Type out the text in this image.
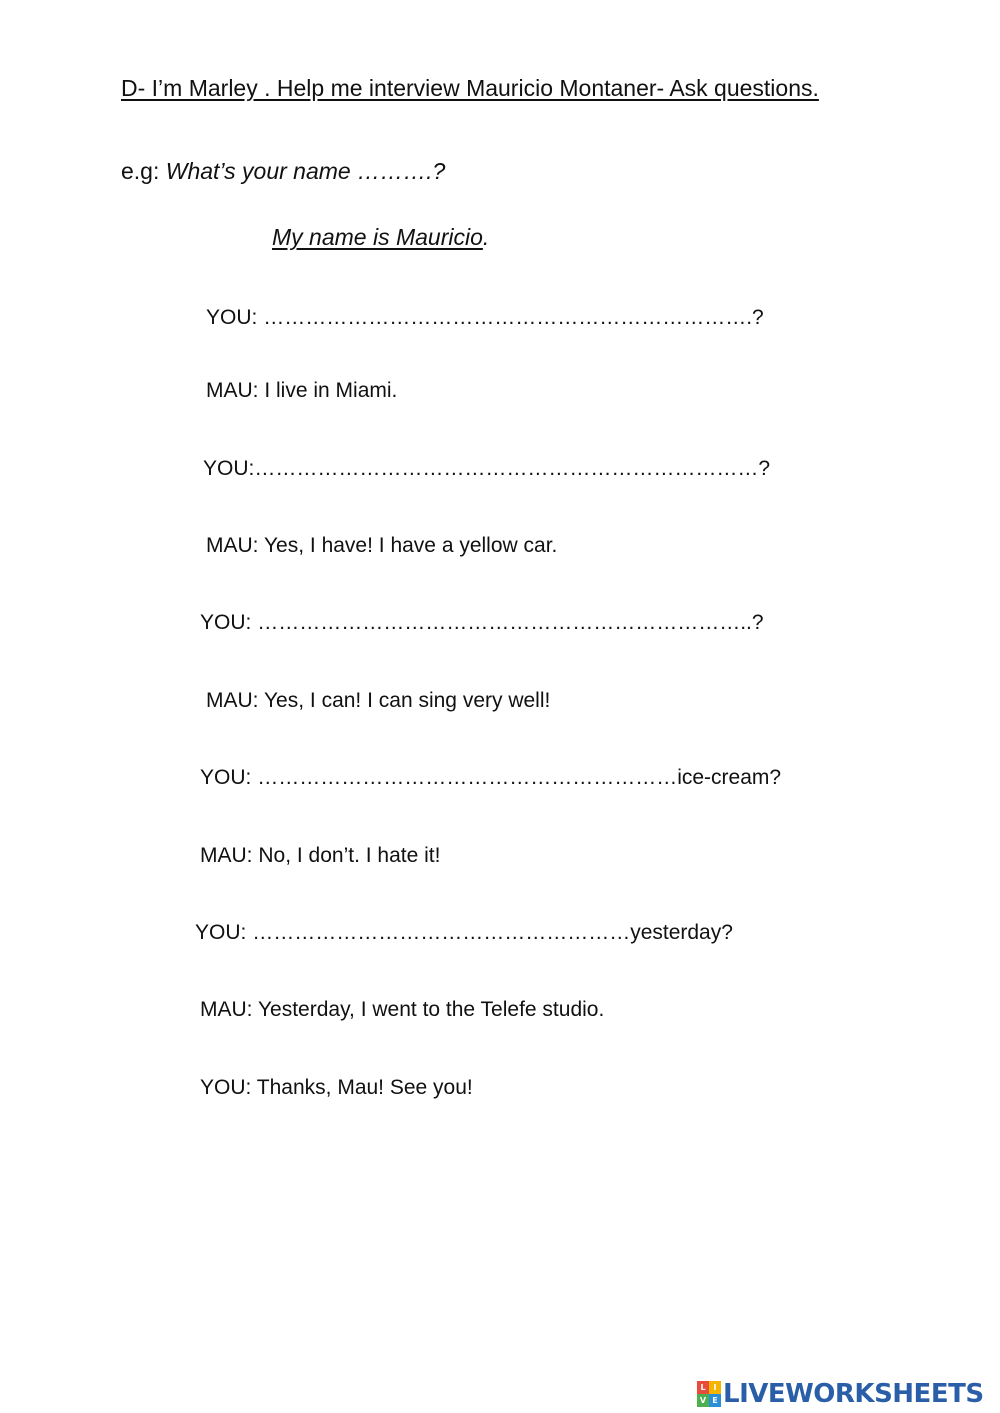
D- I’m Marley . Help me interview Mauricio Montaner- Ask questions.
e.g: What’s your name ……….?
My name is Mauricio.
YOU: …………………………………………………………….?
MAU: I live in Miami.
YOU:………………………………………………………………?
MAU: Yes, I have! I have a yellow car.
YOU: ……………………………………………………………..?
MAU: Yes, I can! I can sing very well!
YOU: ……………………………………………………ice-cream?
MAU: No, I don’t. I hate it!
YOU: ………………………………………………yesterday?
MAU: Yesterday, I went to the Telefe studio.
YOU: Thanks, Mau! See you!
L I
V E LIVEWORKSHEETS
